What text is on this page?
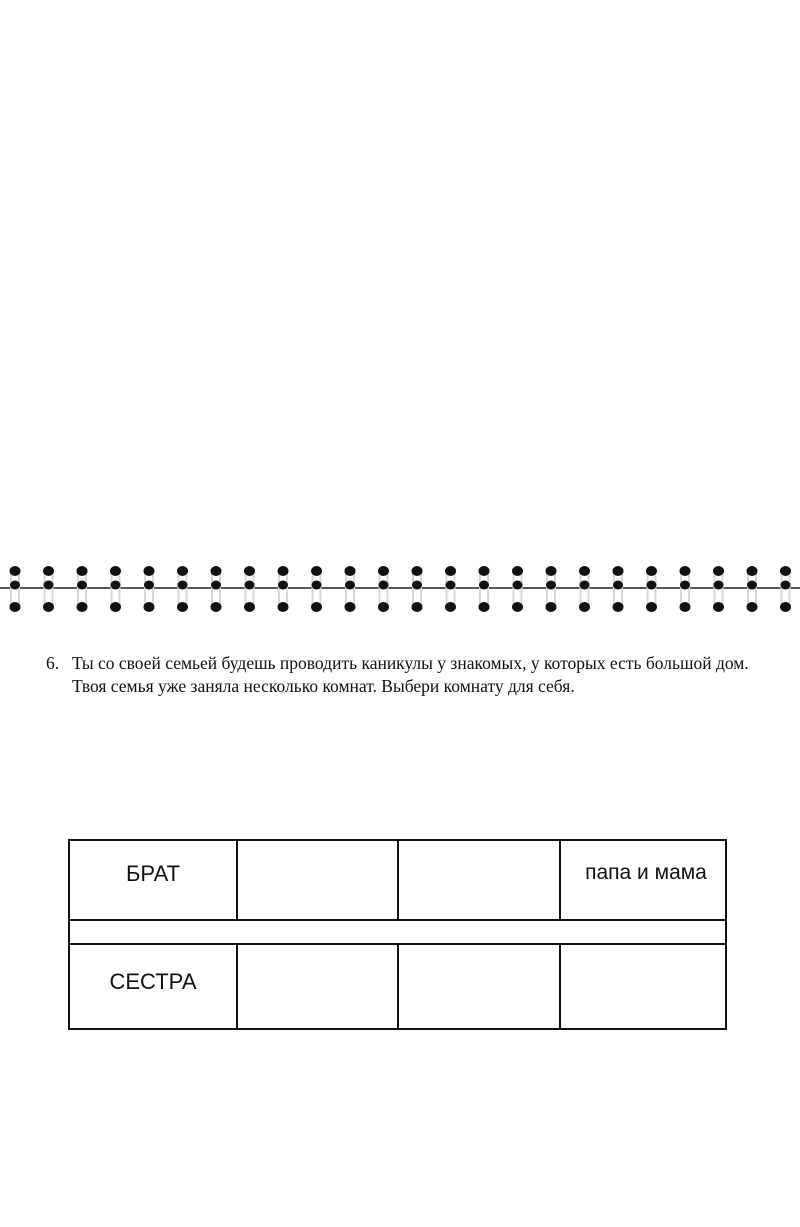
6. Ты со своей семьей будешь проводить каникулы у знакомых, у которых есть большой дом. Твоя семья уже заняла несколько комнат. Выбери комнату для себя.
БРАТ	папа и мама
СЕСТРА
